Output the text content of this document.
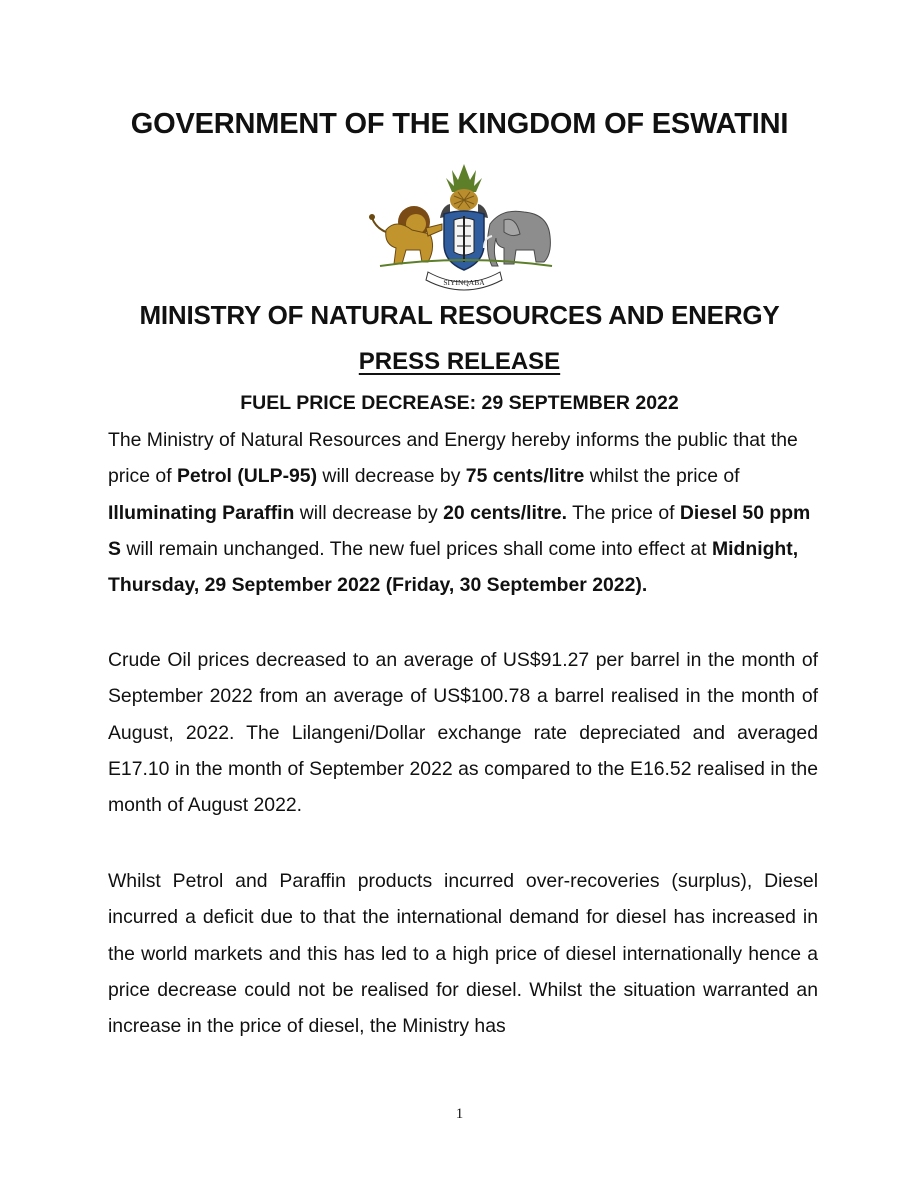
GOVERNMENT OF THE KINGDOM OF ESWATINI
SIYINQABA
MINISTRY OF NATURAL RESOURCES AND ENERGY
PRESS RELEASE
FUEL PRICE DECREASE: 29 SEPTEMBER 2022
The Ministry of Natural Resources and Energy hereby informs the public that the price of Petrol (ULP-95) will decrease by 75 cents/litre whilst the price of Illuminating Paraffin will decrease by 20 cents/litre. The price of Diesel 50 ppm S will remain unchanged. The new fuel prices shall come into effect at Midnight, Thursday, 29 September 2022 (Friday, 30 September 2022).
Crude Oil prices decreased to an average of US$91.27 per barrel in the month of September 2022 from an average of US$100.78 a barrel realised in the month of August, 2022. The Lilangeni/Dollar exchange rate depreciated and averaged E17.10 in the month of September 2022 as compared to the E16.52 realised in the month of August 2022.
Whilst Petrol and Paraffin products incurred over-recoveries (surplus), Diesel incurred a deficit due to that the international demand for diesel has increased in the world markets and this has led to a high price of diesel internationally hence a price decrease could not be realised for diesel. Whilst the situation warranted an increase in the price of diesel, the Ministry has
1
